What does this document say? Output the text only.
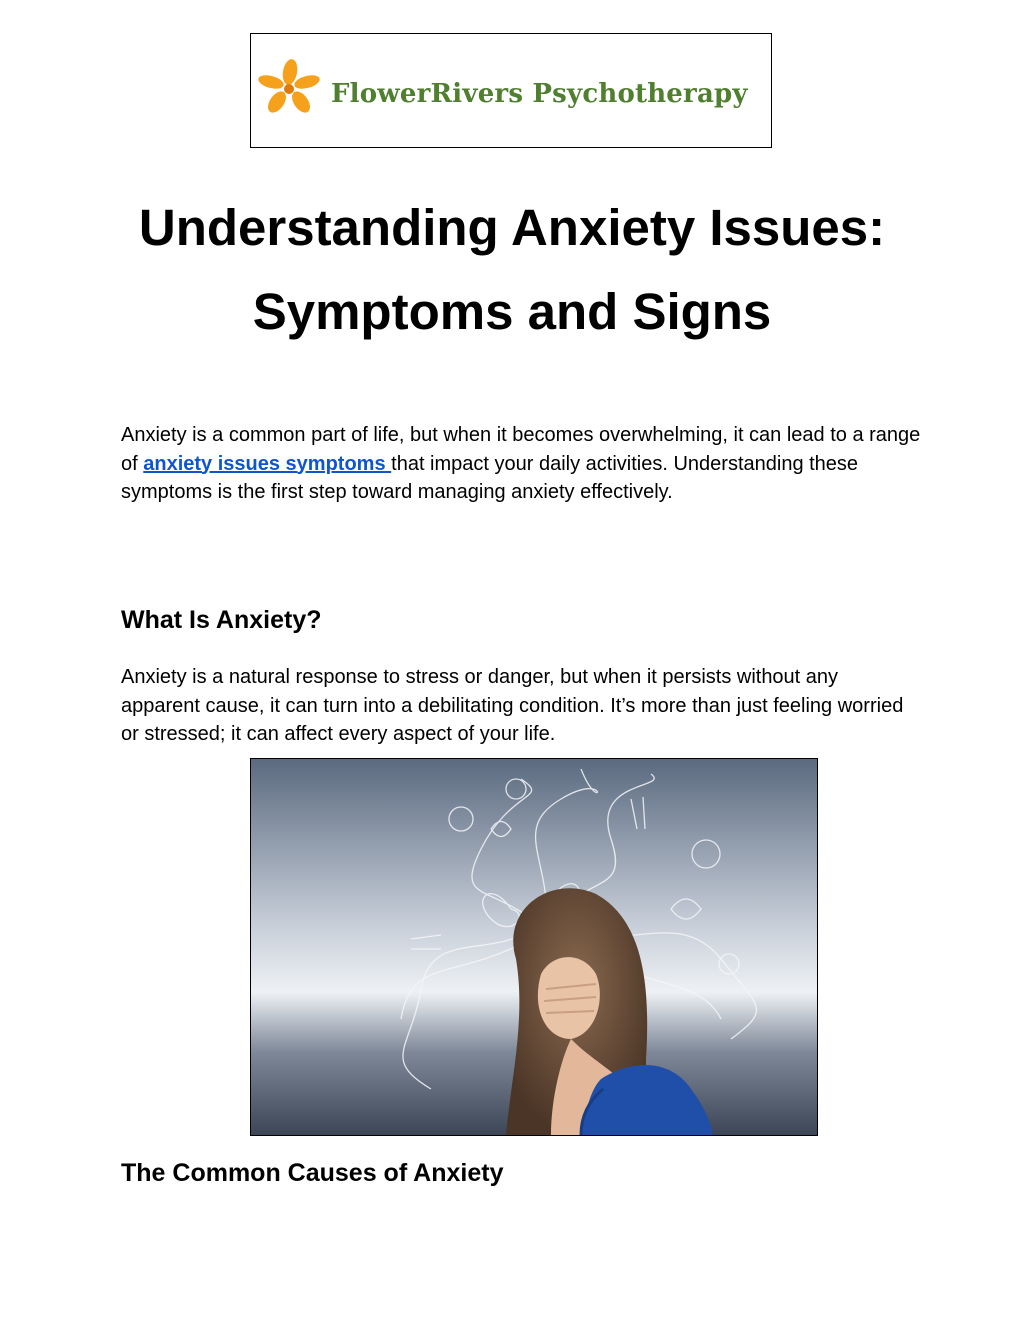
FlowerRivers Psychotherapy
Understanding Anxiety Issues:
Symptoms and Signs
Anxiety is a common part of life, but when it becomes overwhelming, it can lead to a range of anxiety issues symptoms that impact your daily activities. Understanding these symptoms is the first step toward managing anxiety effectively.
What Is Anxiety?
Anxiety is a natural response to stress or danger, but when it persists without any apparent cause, it can turn into a debilitating condition. It’s more than just feeling worried or stressed; it can affect every aspect of your life.
The Common Causes of Anxiety
